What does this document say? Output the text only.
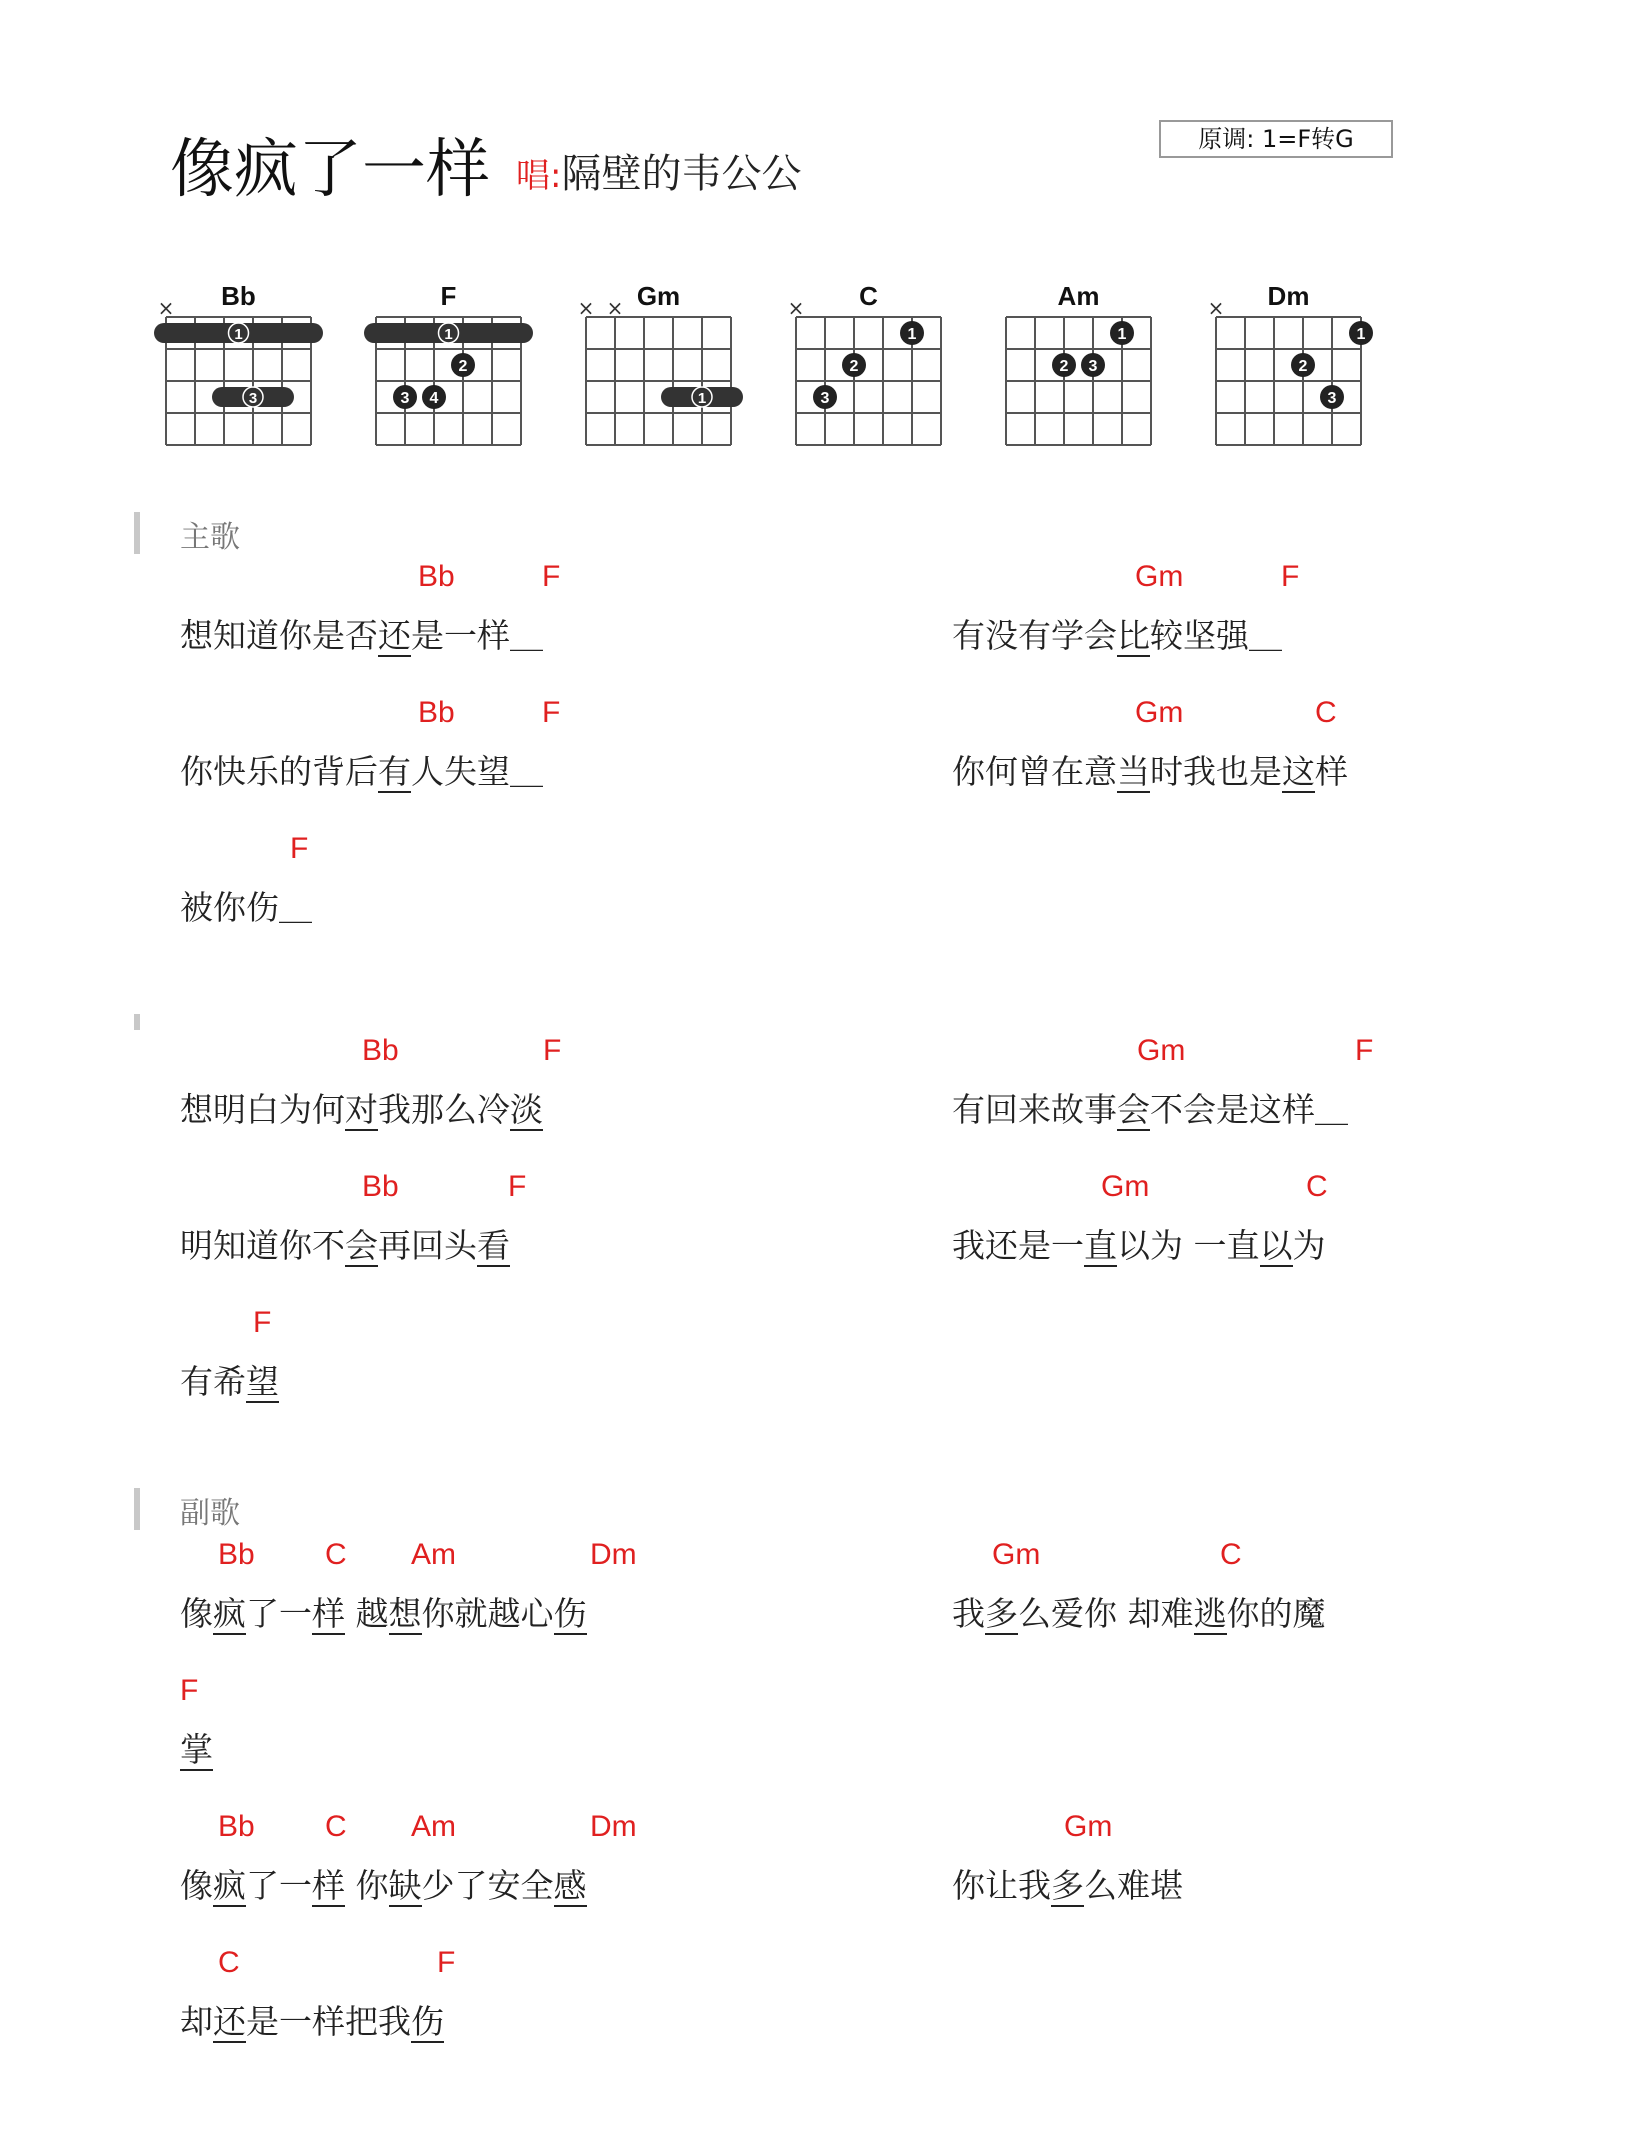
像疯了一样 唱:隔壁的韦公公
原调: 1=F转G
Bb
×
1
3
F
1
2
3 4
Gm
× ×
1
C
×
1
2
3
Am
1
2 3
Dm
×
1
2
3
主歌
副歌
Bb	F
想知道你是否还是一样＿
Gm	F
有没有学会比较坚强＿
Bb	F
你快乐的背后有人失望＿
Gm	C
你何曾在意当时我也是这样
F
被你伤＿
Bb	F
想明白为何对我那么冷淡
Gm	F
有回来故事会不会是这样＿
Bb	F
明知道你不会再回头看
Gm	C
我还是一直以为 一直以为
F
有希望
Bb C Am	Dm
像疯了一样 越想你就越心伤
Gm	C
我多么爱你 却难逃你的魔
F
掌
Bb C Am	Dm
像疯了一样 你缺少了安全感
Gm
你让我多么难堪
C	F
却还是一样把我伤
